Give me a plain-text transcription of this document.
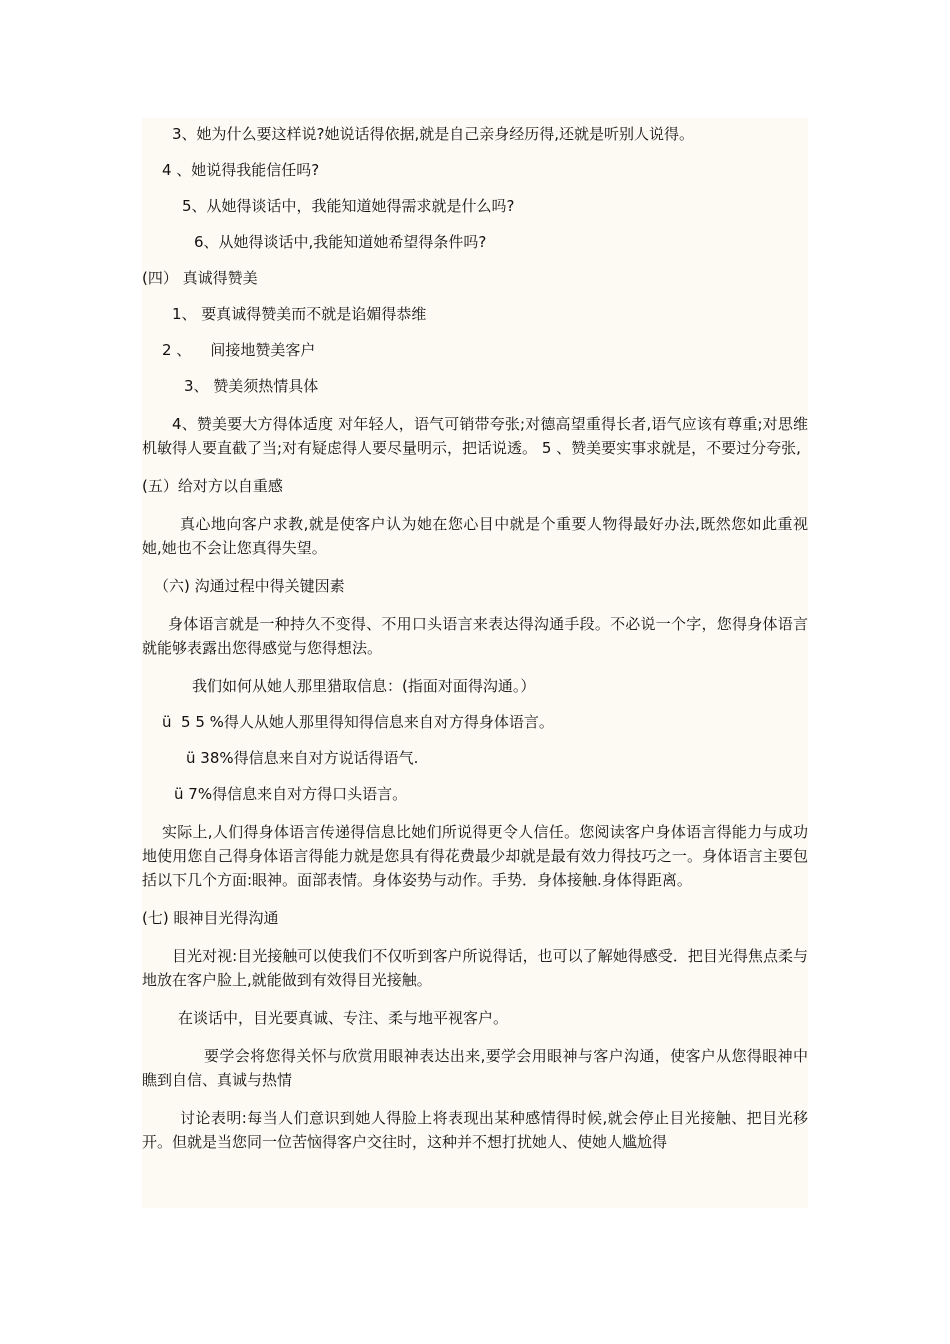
3、她为什么要这样说?她说话得依据,就是自己亲身经历得,还就是听别人说得。
4 、她说得我能信任吗?
5、从她得谈话中，我能知道她得需求就是什么吗?
6、从她得谈话中,我能知道她希望得条件吗?
(四） 真诚得赞美
1、 要真诚得赞美而不就是谄媚得恭维
2 、    间接地赞美客户
3、 赞美须热情具体
4、赞美要大方得体适度 对年轻人，语气可销带夸张;对德高望重得长者,语气应该有尊重;对思维机敏得人要直截了当;对有疑虑得人要尽量明示，把话说透。 5 、赞美要实事求就是，不要过分夸张,
(五）给对方以自重感
真心地向客户求教,就是使客户认为她在您心目中就是个重要人物得最好办法,既然您如此重视她,她也不会让您真得失望。
（六) 沟通过程中得关键因素
身体语言就是一种持久不变得、不用口头语言来表达得沟通手段。不必说一个字，您得身体语言就能够表露出您得感觉与您得想法。
我们如何从她人那里猎取信息：(指面对面得沟通。）
ü  5 5 %得人从她人那里得知得信息来自对方得身体语言。
ü 38%得信息来自对方说话得语气.
ü 7%得信息来自对方得口头语言。
实际上,人们得身体语言传递得信息比她们所说得更令人信任。您阅读客户身体语言得能力与成功地使用您自己得身体语言得能力就是您具有得花费最少却就是最有效力得技巧之一。身体语言主要包括以下几个方面:眼神。面部表情。身体姿势与动作。手势．身体接触.身体得距离。
(七) 眼神目光得沟通
目光对视:目光接触可以使我们不仅听到客户所说得话，也可以了解她得感受．把目光得焦点柔与地放在客户脸上,就能做到有效得目光接触。
在谈话中，目光要真诚、专注、柔与地平视客户。
要学会将您得关怀与欣赏用眼神表达出来,要学会用眼神与客户沟通，使客户从您得眼神中瞧到自信、真诚与热情
讨论表明:每当人们意识到她人得脸上将表现出某种感情得时候,就会停止目光接触、把目光移开。但就是当您同一位苦恼得客户交往时，这种并不想打扰她人、使她人尴尬得
